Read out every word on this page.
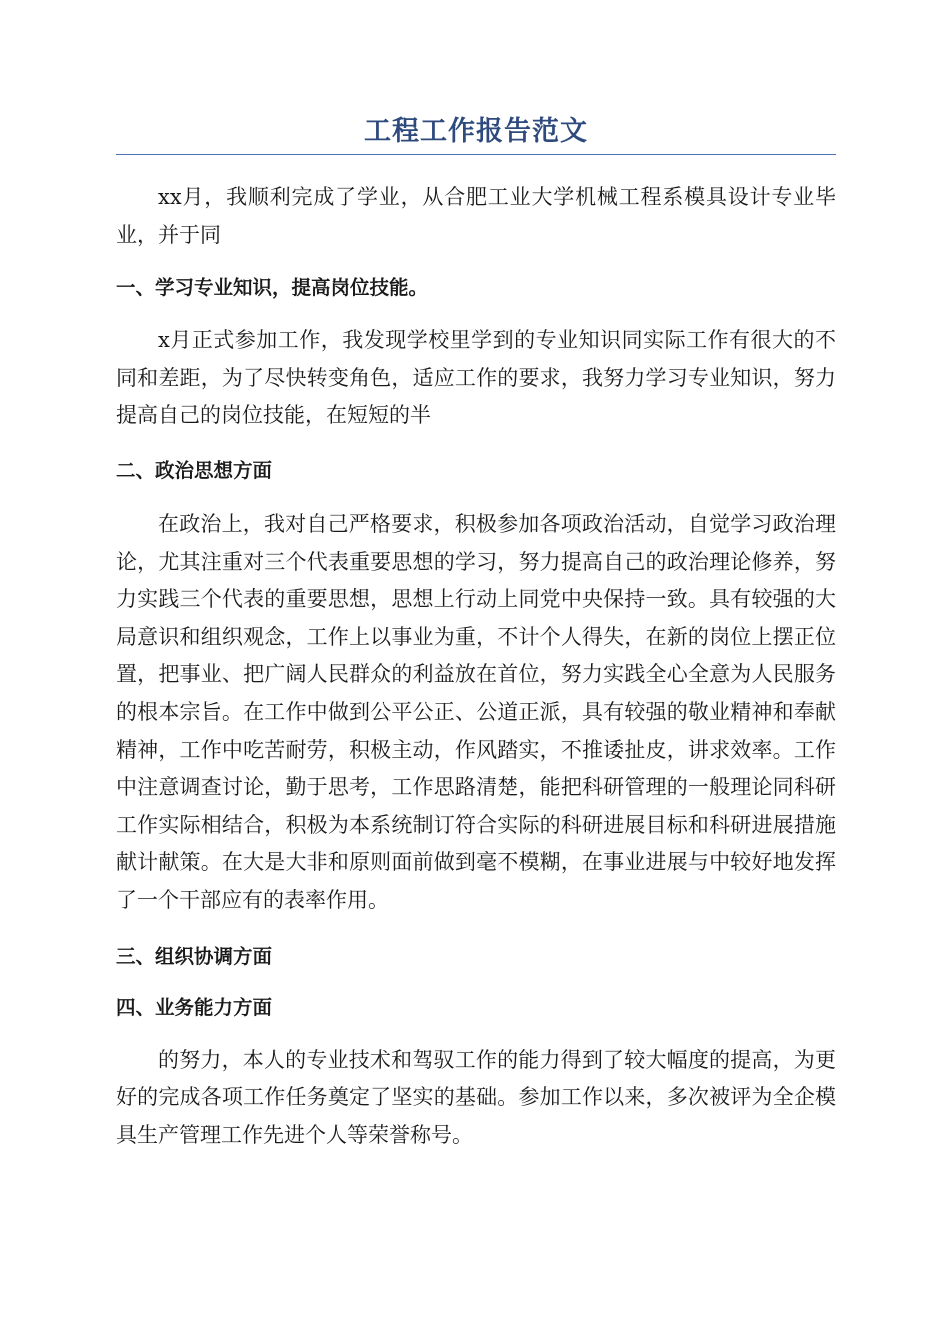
工程工作报告范文

xx月，我顺利完成了学业，从合肥工业大学机械工程系模具设计专业毕业，并于同

一、学习专业知识，提高岗位技能。

x月正式参加工作，我发现学校里学到的专业知识同实际工作有很大的不同和差距，为了尽快转变角色，适应工作的要求，我努力学习专业知识，努力提高自己的岗位技能，在短短的半

二、政治思想方面

在政治上，我对自己严格要求，积极参加各项政治活动，自觉学习政治理论，尤其注重对三个代表重要思想的学习，努力提高自己的政治理论修养，努力实践三个代表的重要思想，思想上行动上同党中央保持一致。具有较强的大局意识和组织观念，工作上以事业为重，不计个人得失，在新的岗位上摆正位置，把事业、把广阔人民群众的利益放在首位，努力实践全心全意为人民服务的根本宗旨。在工作中做到公平公正、公道正派，具有较强的敬业精神和奉献精神，工作中吃苦耐劳，积极主动，作风踏实，不推诿扯皮，讲求效率。工作中注意调查讨论，勤于思考，工作思路清楚，能把科研管理的一般理论同科研工作实际相结合，积极为本系统制订符合实际的科研进展目标和科研进展措施献计献策。在大是大非和原则面前做到毫不模糊，在事业进展与中较好地发挥了一个干部应有的表率作用。

三、组织协调方面
四、业务能力方面

的努力，本人的专业技术和驾驭工作的能力得到了较大幅度的提高，为更好的完成各项工作任务奠定了坚实的基础。参加工作以来，多次被评为全企模具生产管理工作先进个人等荣誉称号。
